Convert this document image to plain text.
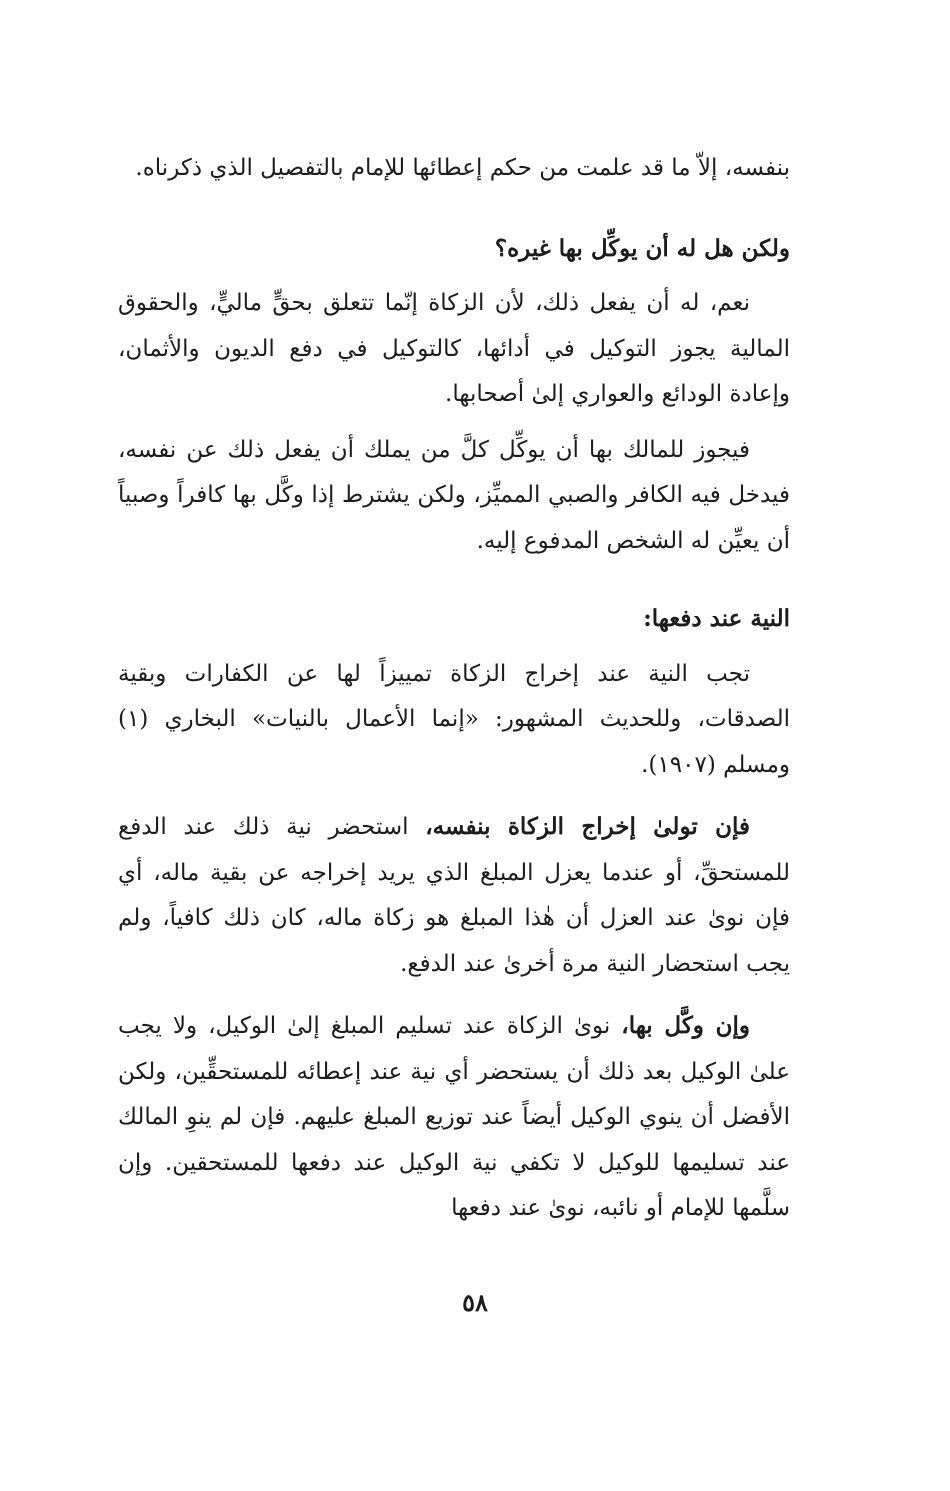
بنفسه، إلاّ ما قد علمت من حكم إعطائها للإمام بالتفصيل الذي ذكرناه.

ولكن هل له أن يوكِّل بها غيره؟

نعم، له أن يفعل ذلك، لأن الزكاة إنّما تتعلق بحقٍّ ماليٍّ، والحقوق المالية يجوز التوكيل في أدائها، كالتوكيل في دفع الديون والأثمان، وإعادة الودائع والعواري إلىٰ أصحابها.

فيجوز للمالك بها أن يوكِّل كلَّ من يملك أن يفعل ذلك عن نفسه، فيدخل فيه الكافر والصبي المميِّز، ولكن يشترط إذا وكَّل بها كافراً وصبياً أن يعيِّن له الشخص المدفوع إليه.

النية عند دفعها:

تجب النية عند إخراج الزكاة تمييزاً لها عن الكفارات وبقية الصدقات، وللحديث المشهور: «إنما الأعمال بالنيات» البخاري (١) ومسلم (١٩٠٧).

فإن تولىٰ إخراج الزكاة بنفسه، استحضر نية ذلك عند الدفع للمستحقِّ، أو عندما يعزل المبلغ الذي يريد إخراجه عن بقية ماله، أي فإن نوىٰ عند العزل أن هٰذا المبلغ هو زكاة ماله، كان ذلك كافياً، ولم يجب استحضار النية مرة أخرىٰ عند الدفع.

وإن وكَّل بها، نوىٰ الزكاة عند تسليم المبلغ إلىٰ الوكيل، ولا يجب علىٰ الوكيل بعد ذلك أن يستحضر أي نية عند إعطائه للمستحقِّين، ولكن الأفضل أن ينوي الوكيل أيضاً عند توزيع المبلغ عليهم. فإن لم ينوِ المالك عند تسليمها للوكيل لا تكفي نية الوكيل عند دفعها للمستحقين. وإن سلَّمها للإمام أو نائبه، نوىٰ عند دفعها

٥٨
